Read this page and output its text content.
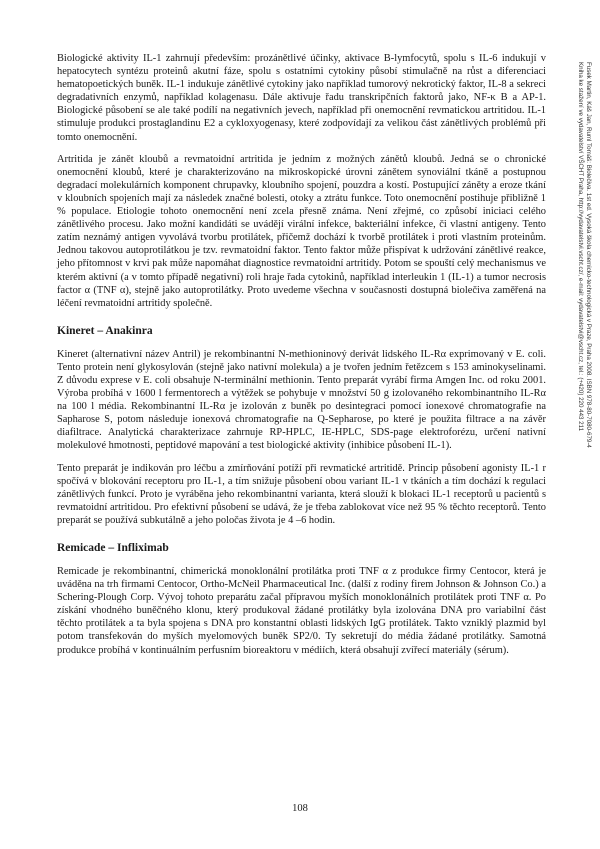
Biologické aktivity IL-1 zahrnují především: prozánětlivé účinky, aktivace B-lymfocytů, spolu s IL-6 indukují v hepatocytech syntézu proteinů akutní fáze, spolu s ostatními cytokiny působí stimulačně na růst a diferenciaci hematopoetických buněk. IL-1 indukuje zánětlivé cytokiny jako například tumorový nekrotický faktor, IL-8 a sekreci degradativních enzymů, například kolagenasu. Dále aktivuje řadu transkripčních faktorů jako, NF-κ B a AP-1. Biologické působení se ale také podílí na negativních jevech, například při onemocnění revmatickou artritidou. IL-1 stimuluje produkci prostaglandinu E2 a cykloxyogenasy, které zodpovídají za velikou část zánětlivých problémů při tomto onemocnění.

Artritida je zánět kloubů a revmatoidní artritida je jedním z možných zánětů kloubů. Jedná se o chronické onemocnění kloubů, které je charakterizováno na mikroskopické úrovni zánětem synoviální tkáně a postupnou degradací molekulárních komponent chrupavky, kloubního spojení, pouzdra a kostí. Postupující záněty a eroze tkání v kloubních spojeních mají za následek značné bolesti, otoky a ztrátu funkce. Toto onemocnění postihuje přibližně 1 % populace. Etiologie tohoto onemocnění není zcela přesně známa. Není zřejmé, co způsobí iniciaci celého zánětlivého procesu. Jako možní kandidáti se uvádějí virální infekce, bakteriální infekce, či vlastní antigeny. Tento zatím neznámý antigen vyvolává tvorbu protilátek, přičemž dochází k tvorbě protilátek i proti vlastním proteinům. Jednou takovou autoprotilátkou je tzv. revmatoidní faktor. Tento faktor může přispívat k udržování zánětlivé reakce, jeho přítomnost v krvi pak může napomáhat diagnostice revmatoidní artritidy. Potom se spouští celý mechanismus ve kterém aktivní (a v tomto případě negativní) roli hraje řada cytokinů, například interleukin 1 (IL-1) a tumor necrosis factor α (TNF α), stejně jako autoprotilátky. Proto uvedeme všechna v současnosti dostupná biolečiva zaměřená na léčení revmatoidní artritidy společně.

Kineret – Anakinra

Kineret (alternativní název Antril) je rekombinantní N-methioninový derivát lidského IL-Rα exprimovaný v E. coli. Tento protein není glykosylován (stejně jako nativní molekula) a je tvořen jedním řetězcem s 153 aminokyselinami. Z důvodu exprese v E. coli obsahuje N-terminální methionin. Tento preparát vyrábí firma Amgen Inc. od roku 2001. Výroba probíhá v 1600 l fermentorech a výtěžek se pohybuje v množství 50 g izolovaného rekombinantního IL-Rα na 100 l média. Rekombinantní IL-Rα je izolován z buněk po desintegraci pomocí ionexové chromatografie na Sapharose S, potom následuje ionexová chromatografie na Q-Sepharose, po které je použita filtrace a na závěr diafiltrace. Analytická charakterizace zahrnuje RP-HPLC, IE-HPLC, SDS-page elektroforézu, určení nativní molekulové hmotnosti, peptidové mapování a test biologické aktivity (inhibice působení IL-1).

Tento preparát je indikován pro léčbu a zmírňování potíží při revmatické artritidě. Princip působení agonisty IL-1 r spočívá v blokování receptoru pro IL-1, a tím snižuje působení obou variant IL-1 v tkáních a tím dochází k regulaci zánětlivých funkcí. Proto je vyráběna jeho rekombinantní varianta, která slouží k blokaci IL-1 receptorů u pacientů s revmatoidní artritidou. Pro efektivní působení se udává, že je třeba zablokovat více než 95 % těchto receptorů. Tento preparát se používá subkutálně a jeho poločas života je 4 –6 hodin.

Remicade – Infliximab

Remicade je rekombinantní, chimerická monoklonální protilátka proti TNF α z produkce firmy Centocor, která je uváděna na trh firmami Centocor, Ortho-McNeil Pharmaceutical Inc. (další z rodiny firem Johnson & Johnson Co.) a Schering-Plough Corp. Vývoj tohoto preparátu začal přípravou myších monoklonálních protilátek proti TNF α. Po získání vhodného buněčného klonu, který produkoval žádané protilátky byla izolována DNA pro variabilní část těchto protilátek a ta byla spojena s DNA pro konstantní oblasti lidských IgG protilátek. Takto vzniklý plazmid byl potom transfekován do myších myelomových buněk SP2/0. Ty sekretují do média žádané protilátky. Samotná produkce probíhá v kontinuálním perfusním bioreaktoru v médiích, která obsahují zvířecí materiály (sérum).

108
Fusek Martin, Káš Jan, Ruml Tomáš: Biolečiva. 1st ed. Vysoká škola chemicko-technologická v Praze, Praha 2008. ISBN 978-80-7080-679-4
Kniha ke stažení ve vydavatelství VŠCHT Praha, http://vydavatelstvi.vscht.cz/, e-mail: vydavatelstvi@vscht.cz, tel.: (+420) 220 443 211
